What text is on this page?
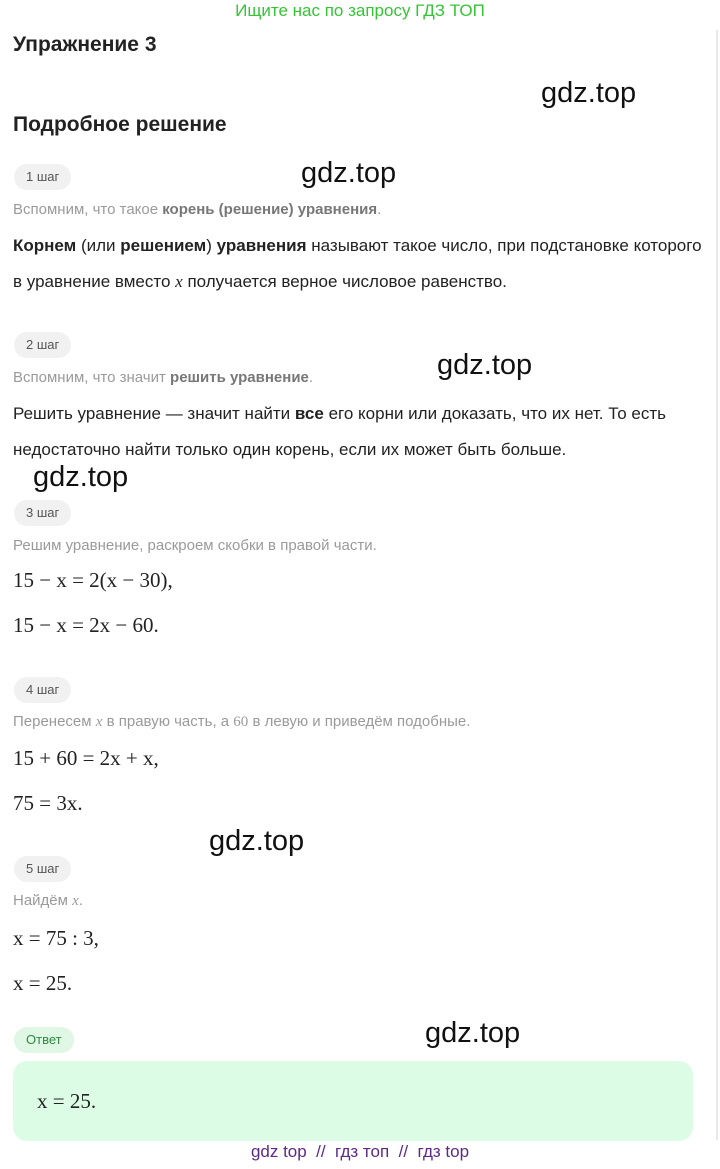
Ищите нас по запросу ГДЗ ТОП
Упражнение 3
gdz.top
Подробное решение
1 шаг	gdz.top
Вспомним, что такое корень (решение) уравнения.
Корнем (или решением) уравнения называют такое число, при подстановке которого в уравнение вместо x получается верное числовое равенство.
2 шаг
gdz.top
Вспомним, что значит решить уравнение.
Решить уравнение — значит найти все его корни или доказать, что их нет. То есть недостаточно найти только один корень, если их может быть больше.
gdz.top
3 шаг
Решим уравнение, раскроем скобки в правой части.
15 − x = 2(x − 30),
15 − x = 2x − 60.
4 шаг
Перенесем x в правую часть, а 60 в левую и приведём подобные.
15 + 60 = 2x + x,
75 = 3x.
gdz.top
5 шаг
Найдём x.
x = 75 : 3,
x = 25.
Ответ	gdz.top
x = 25.
gdz top  //  гдз топ  //  гдз top
